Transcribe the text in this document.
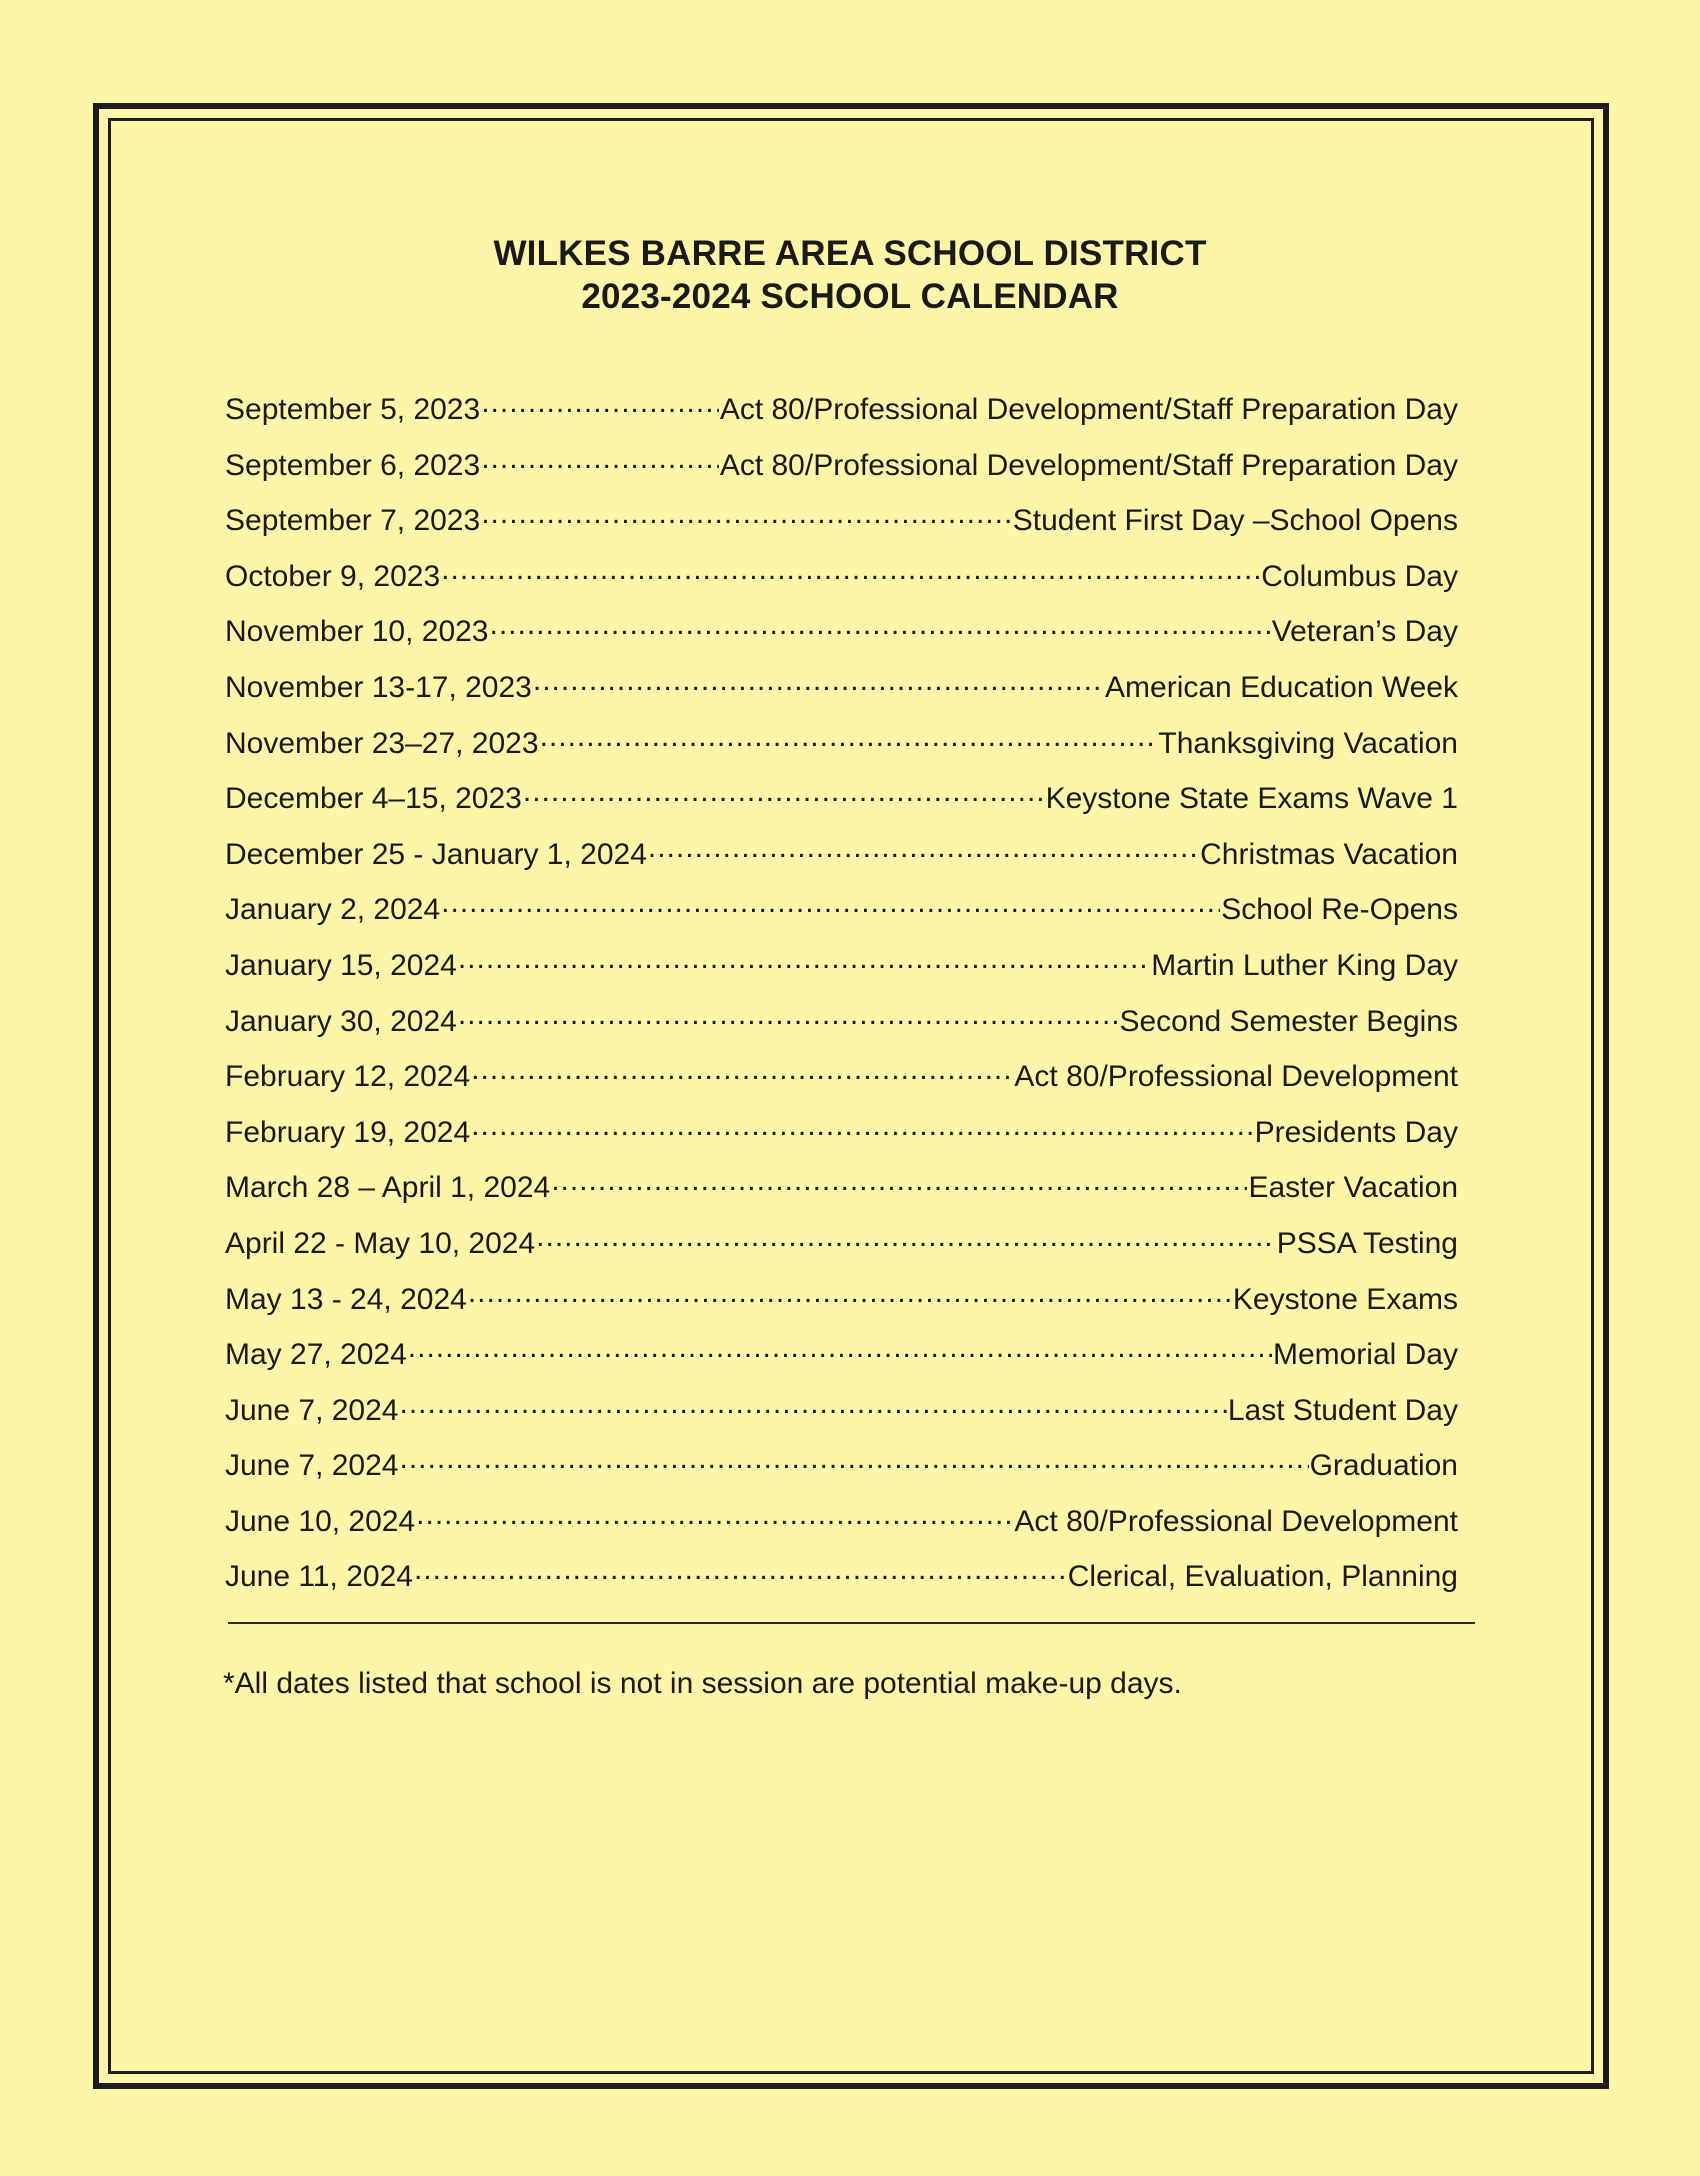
WILKES BARRE AREA SCHOOL DISTRICT
2023-2024 SCHOOL CALENDAR
September 5, 2023 .....	Act 80/Professional Development/Staff Preparation Day
September 6, 2023 .....	Act 80/Professional Development/Staff Preparation Day
September 7, 2023 .....	Student First Day –School Opens
October 9, 2023 .....	Columbus Day
November 10, 2023 .....	Veteran’s Day
November 13-17, 2023 .....	American Education Week
November 23–27, 2023 .....	Thanksgiving Vacation
December 4–15, 2023 .....	Keystone State Exams Wave 1
December 25 - January 1, 2024 .....	Christmas Vacation
January 2, 2024 .....	School Re-Opens
January 15, 2024 .....	Martin Luther King Day
January 30, 2024 .....	Second Semester Begins
February 12, 2024 .....	Act 80/Professional Development
February 19, 2024 .....	Presidents Day
March 28 – April 1, 2024 .....	Easter Vacation
April 22 - May 10, 2024 .....	PSSA Testing
May 13 - 24, 2024 .....	Keystone Exams
May 27, 2024 .....	Memorial Day
June 7, 2024 .....	Last Student Day
June 7, 2024 .....	Graduation
June 10, 2024 .....	Act 80/Professional Development
June 11, 2024 .....	Clerical, Evaluation, Planning
*All dates listed that school is not in session are potential make-up days.
